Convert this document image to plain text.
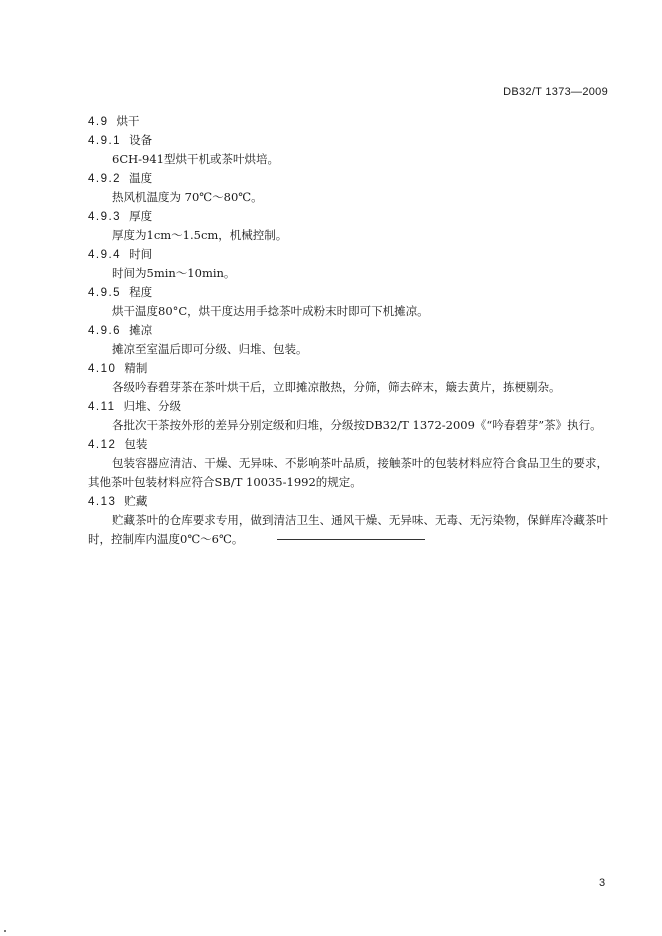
DB32/T 1373—2009
4.9 烘干
4.9.1 设备
6CH-941型烘干机或茶叶烘培。
4.9.2 温度
热风机温度为 70℃～80℃。
4.9.3 厚度
厚度为1cm～1.5cm，机械控制。
4.9.4 时间
时间为5min～10min。
4.9.5 程度
烘干温度80°C，烘干度达用手捻茶叶成粉末时即可下机摊凉。
4.9.6 摊凉
摊凉至室温后即可分级、归堆、包装。
4.10 精制
各级吟春碧芽茶在茶叶烘干后，立即摊凉散热，分筛，筛去碎末，簸去黄片，拣梗剔杂。
4.11 归堆、分级
各批次干茶按外形的差异分别定级和归堆，分级按DB32/T 1372-2009《“吟春碧芽”茶》执行。
4.12 包装
包装容器应清洁、干燥、无异味、不影响茶叶品质，接触茶叶的包装材料应符合食品卫生的要求，其他茶叶包装材料应符合SB/T 10035-1992的规定。
4.13 贮藏
贮藏茶叶的仓库要求专用，做到清洁卫生、通风干燥、无异味、无毒、无污染物，保鲜库冷藏茶叶时，控制库内温度0℃～6℃。
3
